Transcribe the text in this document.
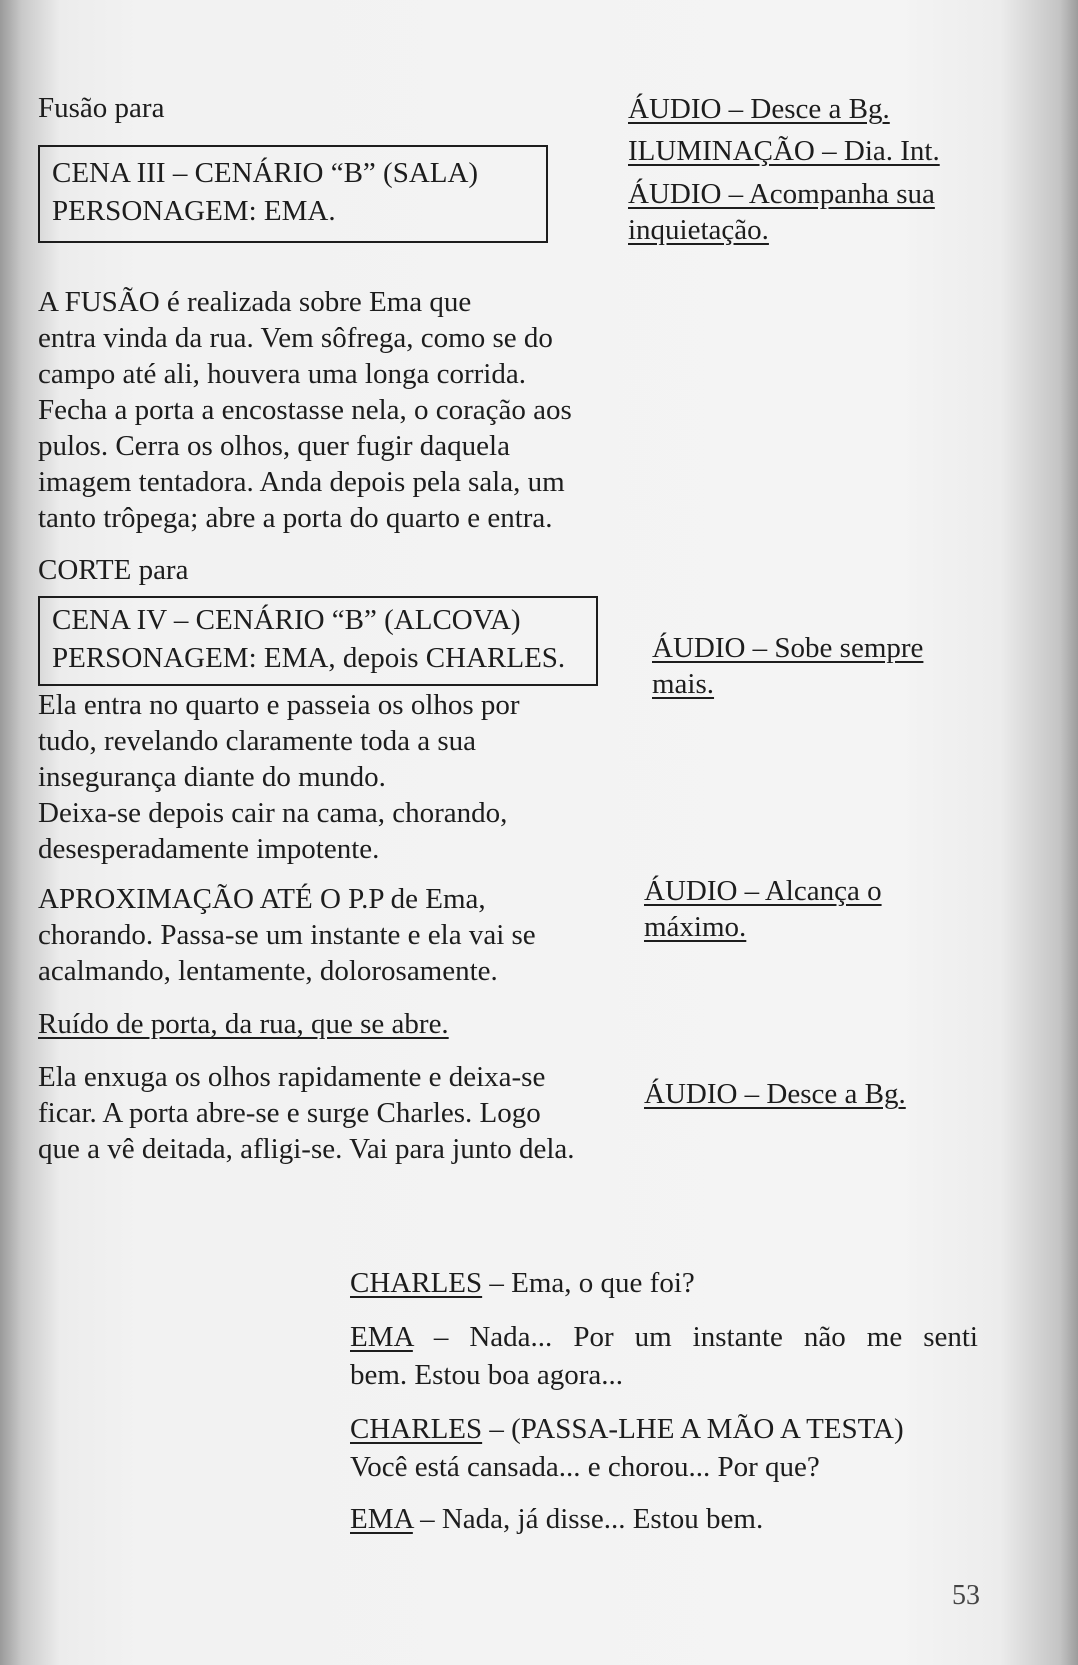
Fusão para
CENA III – CENÁRIO “B” (SALA)
PERSONAGEM: EMA.
A FUSÃO é realizada sobre Ema que
entra vinda da rua. Vem sôfrega, como se do
campo até ali, houvera uma longa corrida.
Fecha a porta a encostasse nela, o coração aos
pulos. Cerra os olhos, quer fugir daquela
imagem tentadora. Anda depois pela sala, um
tanto trôpega; abre a porta do quarto e entra.
CORTE para
CENA IV – CENÁRIO “B” (ALCOVA)
PERSONAGEM: EMA, depois CHARLES.
Ela entra no quarto e passeia os olhos por
tudo, revelando claramente toda a sua
insegurança diante do mundo.
Deixa-se depois cair na cama, chorando,
desesperadamente impotente.
APROXIMAÇÃO ATÉ O P.P de Ema,
chorando. Passa-se um instante e ela vai se
acalmando, lentamente, dolorosamente.
Ruído de porta, da rua, que se abre.
Ela enxuga os olhos rapidamente e deixa-se
ficar. A porta abre-se e surge Charles. Logo
que a vê deitada, afligi-se. Vai para junto dela.
ÁUDIO – Desce a Bg.
ILUMINAÇÃO – Dia. Int.
ÁUDIO – Acompanha sua
inquietação.
ÁUDIO – Sobe sempre
mais.
ÁUDIO – Alcança o
máximo.
ÁUDIO – Desce a Bg.
CHARLES – Ema, o que foi?
EMA – Nada... Por um instante não me senti
bem. Estou boa agora...
CHARLES – (PASSA-LHE A MÃO A TESTA)
Você está cansada... e chorou... Por que?
EMA – Nada, já disse... Estou bem.
53
